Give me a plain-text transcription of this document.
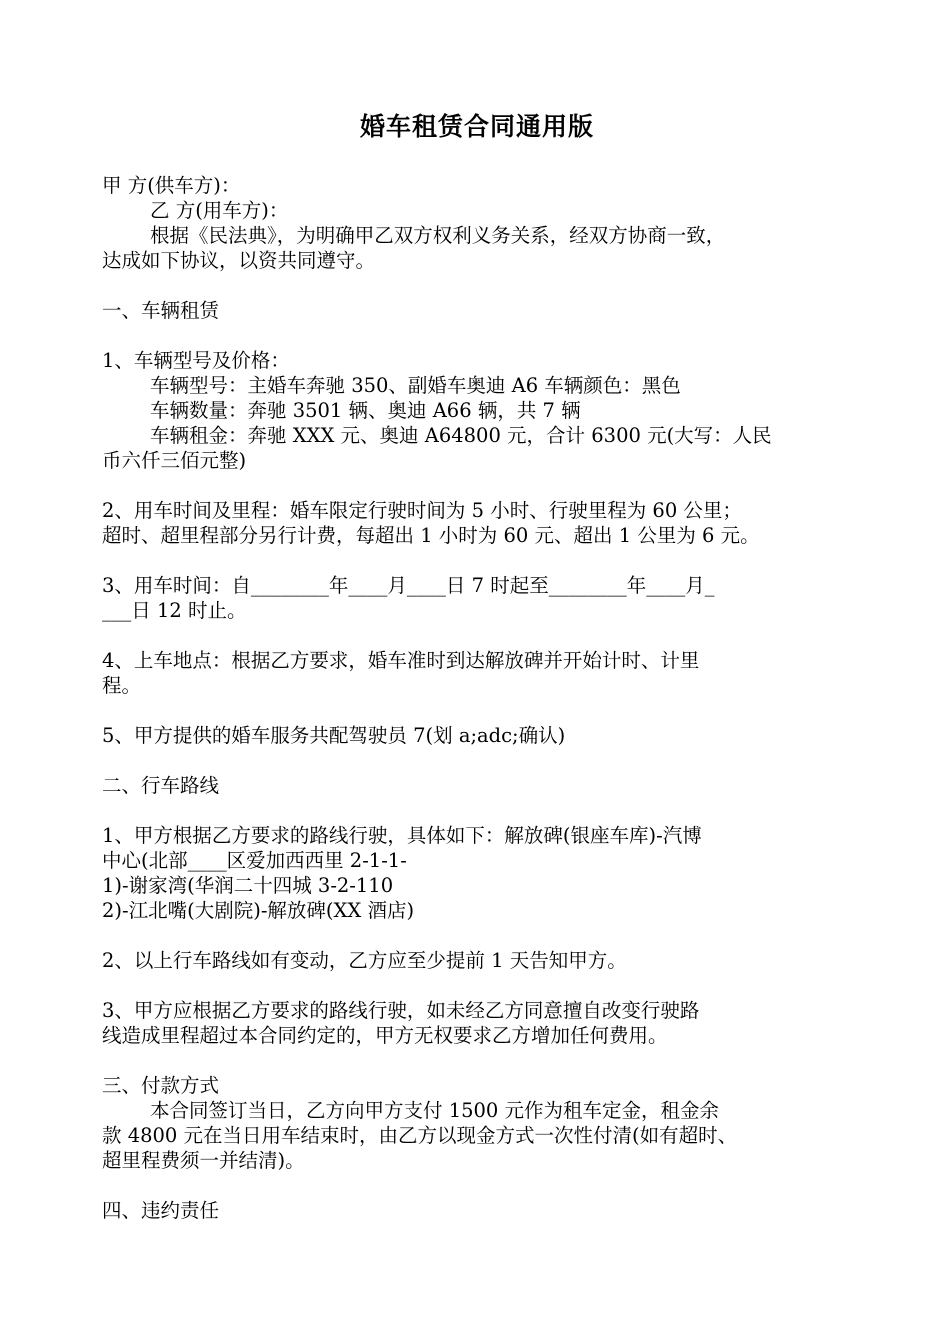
婚车租赁合同通用版
甲 方(供车方)：
乙 方(用车方)：
根据《民法典》，为明确甲乙双方权利义务关系，经双方协商一致，
达成如下协议，以资共同遵守。
一、车辆租赁
1、车辆型号及价格：
车辆型号：主婚车奔驰 350、副婚车奥迪 A6 车辆颜色：黑色
车辆数量：奔驰 3501 辆、奥迪 A66 辆，共 7 辆
车辆租金：奔驰 XXX 元、奥迪 A64800 元，合计 6300 元(大写：人民
币六仟三佰元整)
2、用车时间及里程：婚车限定行驶时间为 5 小时、行驶里程为 60 公里；
超时、超里程部分另行计费，每超出 1 小时为 60 元、超出 1 公里为 6 元。
3、用车时间：自________年____月____日 7 时起至________年____月_
___日 12 时止。
4、上车地点：根据乙方要求，婚车准时到达解放碑并开始计时、计里
程。
5、甲方提供的婚车服务共配驾驶员 7(划 a;adc;确认)
二、行车路线
1、甲方根据乙方要求的路线行驶，具体如下：解放碑(银座车库)-汽博
中心(北部____区爱加西西里 2-1-1-
1)-谢家湾(华润二十四城 3-2-110
2)-江北嘴(大剧院)-解放碑(XX 酒店)
2、以上行车路线如有变动，乙方应至少提前 1 天告知甲方。
3、甲方应根据乙方要求的路线行驶，如未经乙方同意擅自改变行驶路
线造成里程超过本合同约定的，甲方无权要求乙方增加任何费用。
三、付款方式
本合同签订当日，乙方向甲方支付 1500 元作为租车定金，租金余
款 4800 元在当日用车结束时，由乙方以现金方式一次性付清(如有超时、
超里程费须一并结清)。
四、违约责任
